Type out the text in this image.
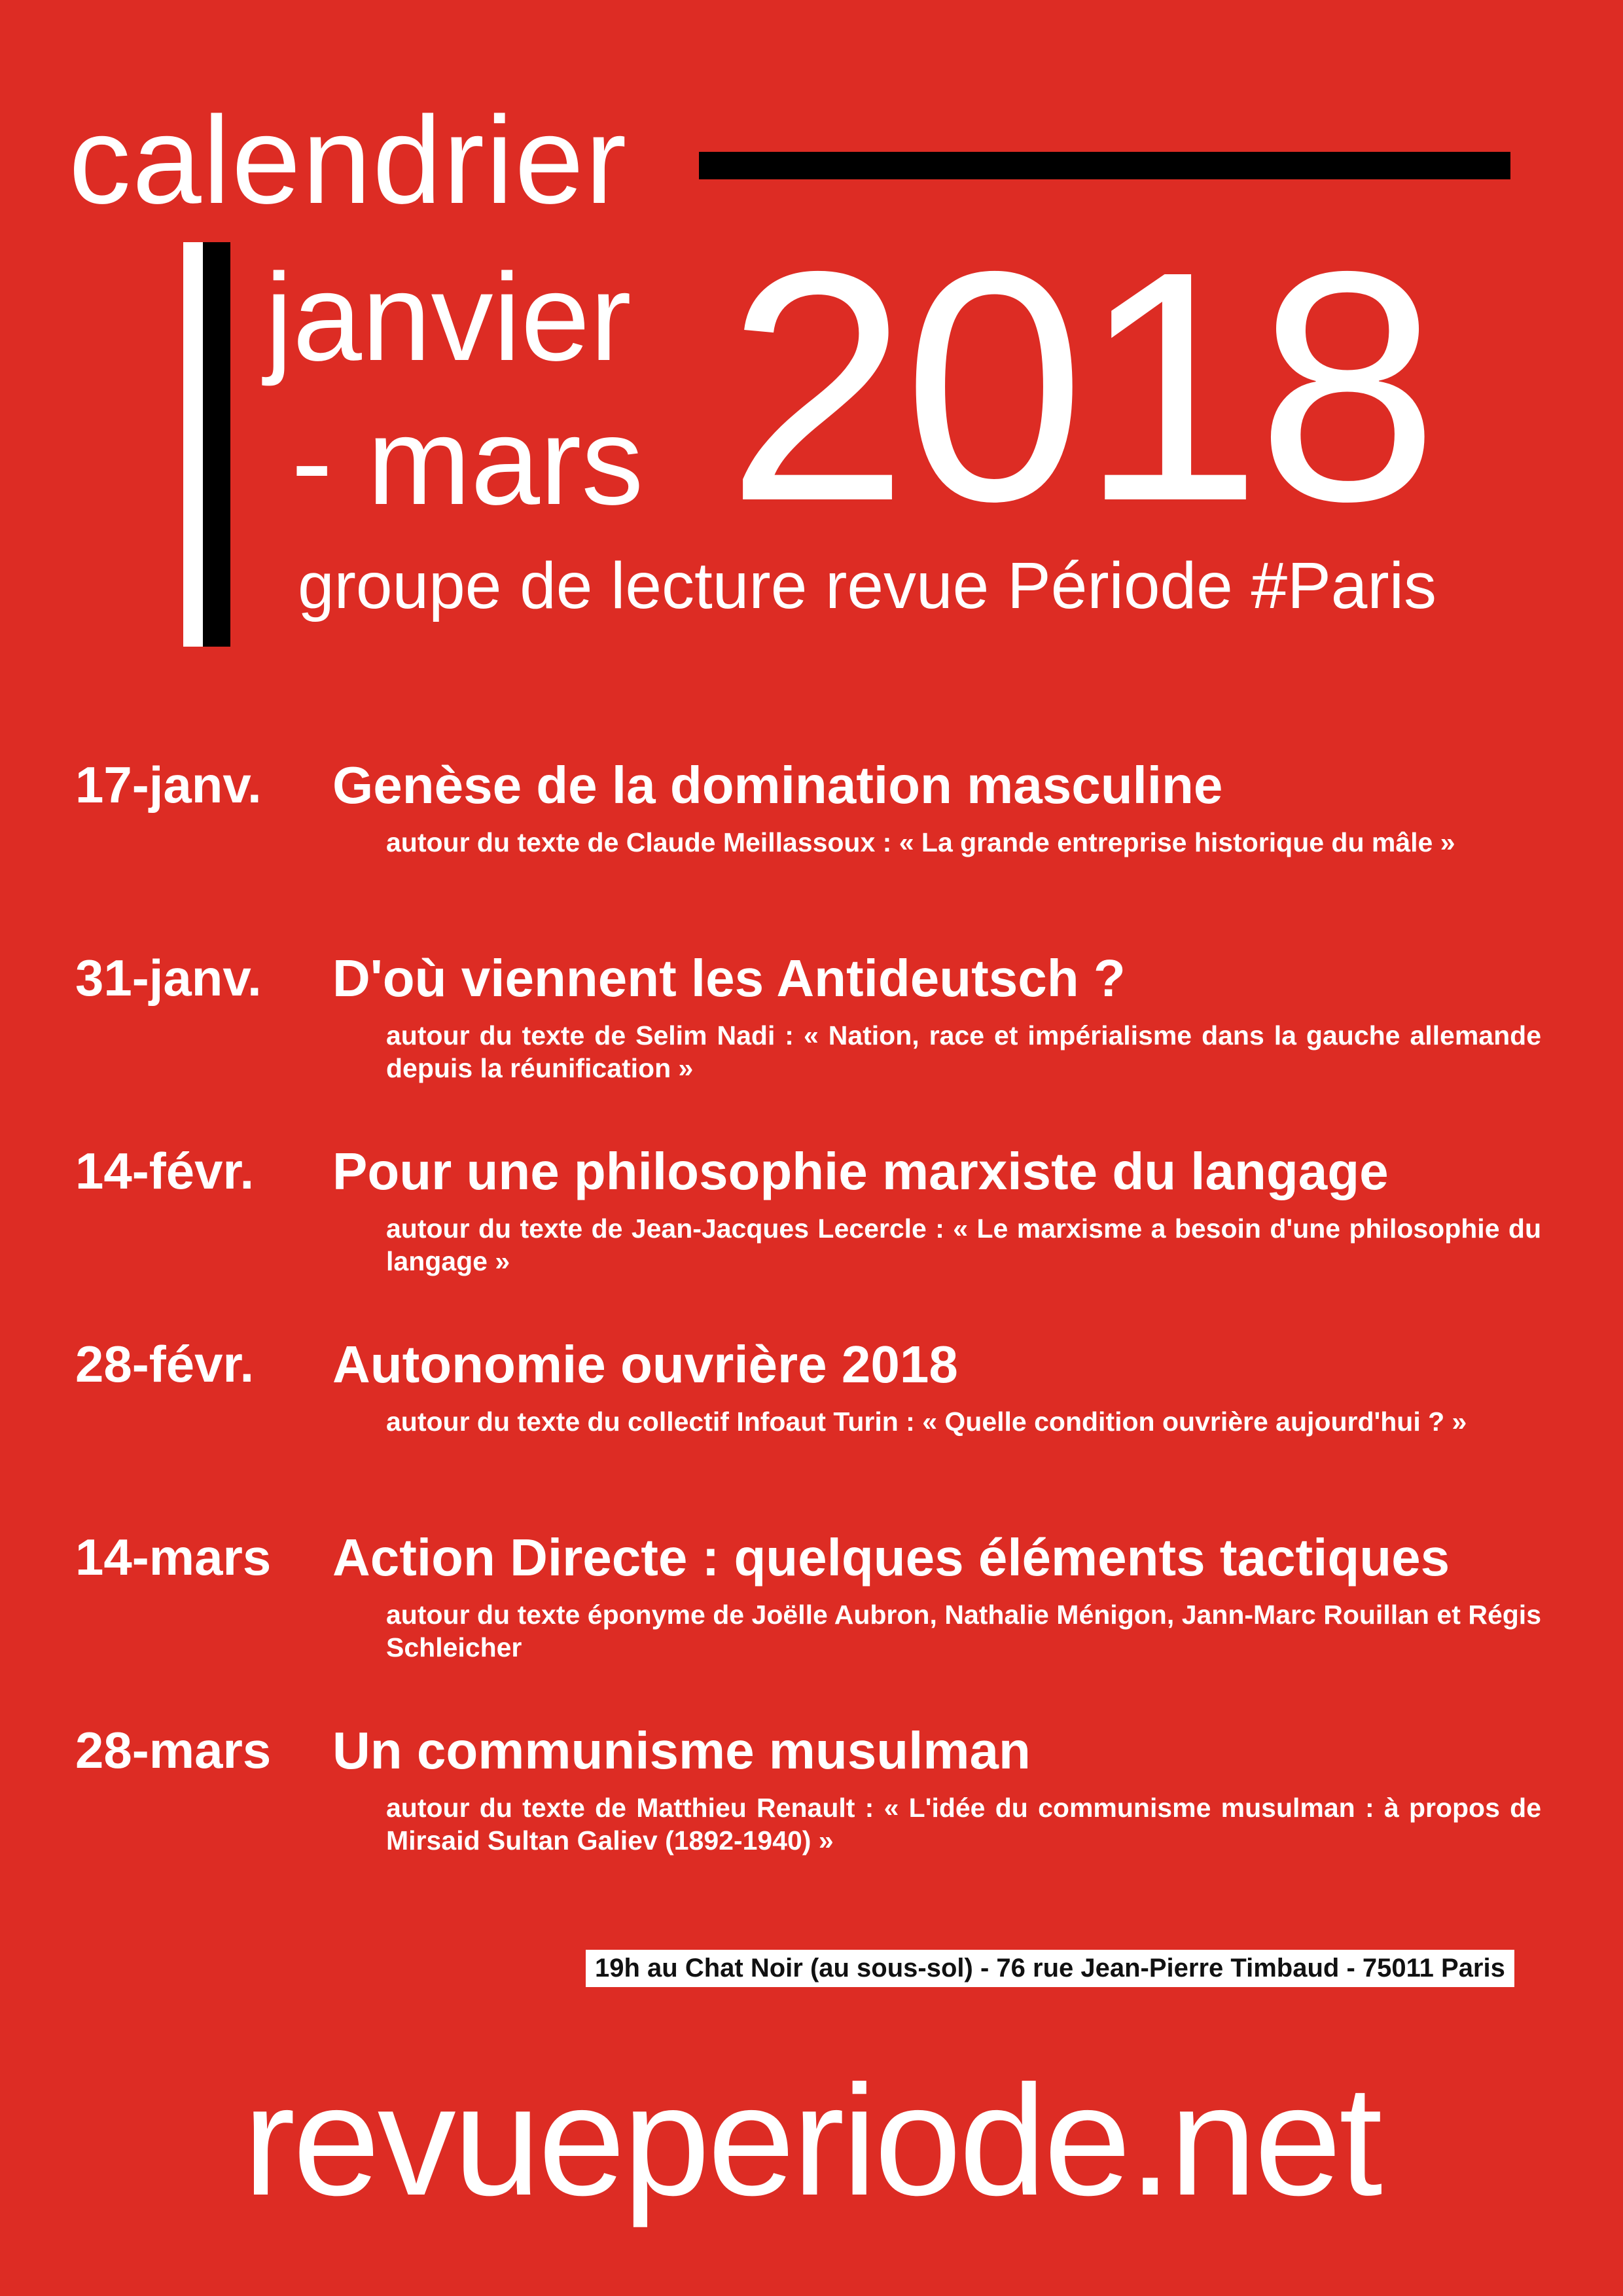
calendrier
janvier
- mars 2018
groupe de lecture revue Période #Paris
17-janv. Genèse de la domination masculine
autour du texte de Claude Meillassoux : « La grande entreprise historique du mâle »
31-janv. D'où viennent les Antideutsch ?
autour du texte de Selim Nadi : « Nation, race et impérialisme dans la gauche allemande depuis la réunification »
14-févr. Pour une philosophie marxiste du langage
autour du texte de Jean-Jacques Lecercle : « Le marxisme a besoin d'une philosophie du langage »
28-févr. Autonomie ouvrière 2018
autour du texte du collectif Infoaut Turin : « Quelle condition ouvrière aujourd'hui ? »
14-mars Action Directe : quelques éléments tactiques
autour du texte éponyme de Joëlle Aubron, Nathalie Ménigon, Jann-Marc Rouillan et Régis Schleicher
28-mars Un communisme musulman
autour du texte de Matthieu Renault : « L'idée du communisme musulman : à propos de Mirsaid Sultan Galiev (1892-1940) »
19h au Chat Noir (au sous-sol) - 76 rue Jean-Pierre Timbaud - 75011 Paris
revueperiode.net
